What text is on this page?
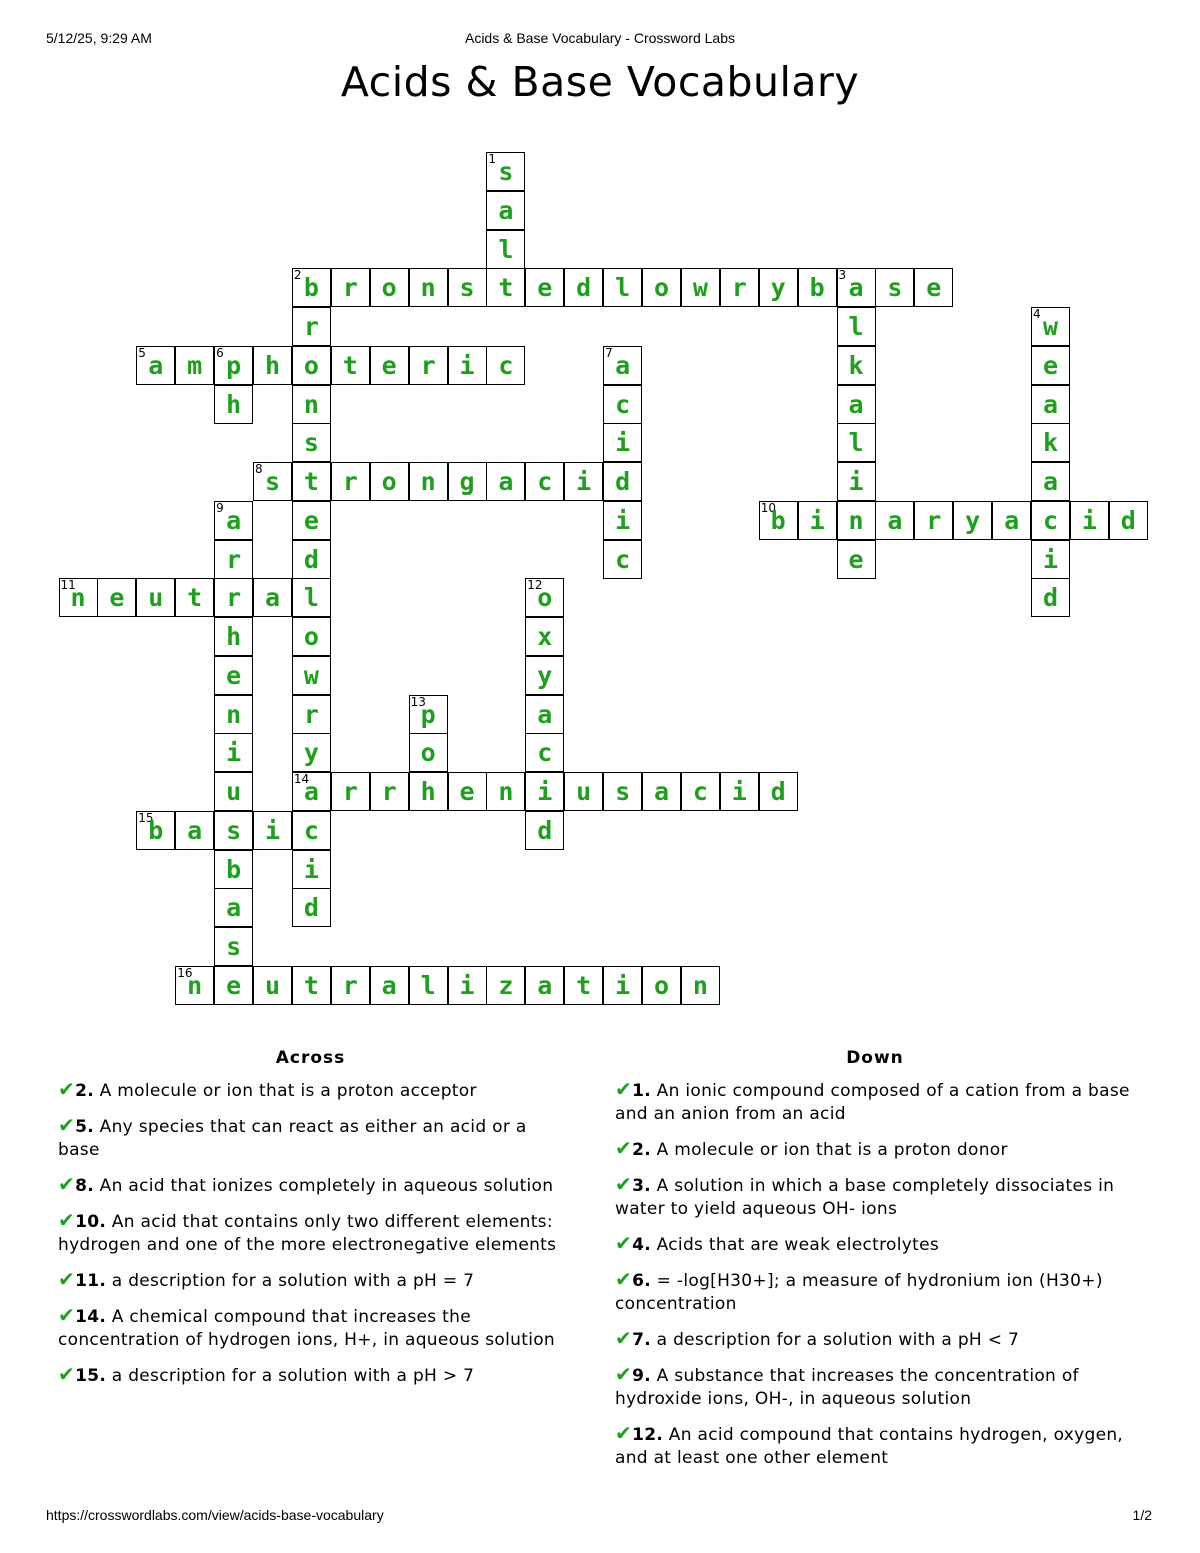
5/12/25, 9:29 AM	Acids & Base Vocabulary - Crossword Labs
Acids & Base Vocabulary
1 s
a
l
2 b r o n s t e d l o w r y b	3 a s e
r
o
n
s
t
e
d
l
o
w
r
y
14
a
c
i
d
l
k
a
l
i
n
e
4 w
e
a
k
a
c
i
d
5 a m	6 p h	t e r i c
h
7 a
c
i
d
i
c
8 s	r o n g a c i
9 a
r
r
h
e
n
i
u
s
b
a
s
e
10
b i	a r y a	i d
11
n e u t	a	12
o
x
y
a
c
i
d
13
p
o
r r h e n	u s a c i d
15
b a	i
16
n	u t r a l i z a t i o n
Across
✔2. A molecule or ion that is a proton acceptor
✔5. Any species that can react as either an acid or a base
✔8. An acid that ionizes completely in aqueous solution
✔10. An acid that contains only two different elements: hydrogen and one of the more electronegative elements
✔11. a description for a solution with a pH = 7
✔14. A chemical compound that increases the concentration of hydrogen ions, H+, in aqueous solution
✔15. a description for a solution with a pH > 7
Down
✔1. An ionic compound composed of a cation from a base and an anion from an acid
✔2. A molecule or ion that is a proton donor
✔3. A solution in which a base completely dissociates in water to yield aqueous OH- ions
✔4. Acids that are weak electrolytes
✔6. = -log[H30+]; a measure of hydronium ion (H30+) concentration
✔7. a description for a solution with a pH < 7
✔9. A substance that increases the concentration of hydroxide ions, OH-, in aqueous solution
✔12. An acid compound that contains hydrogen, oxygen, and at least one other element
https://crosswordlabs.com/view/acids-base-vocabulary	1/2
